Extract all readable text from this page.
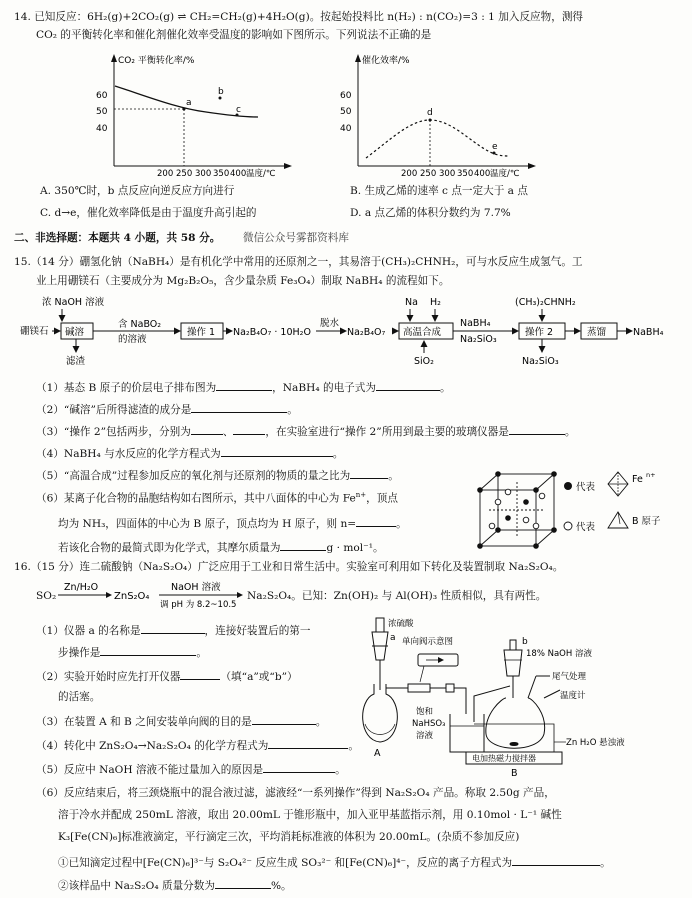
14. 已知反应：6H₂(g)+2CO₂(g) ⇌ CH₂=CH₂(g)+4H₂O(g)。按起始投料比 n(H₂) : n(CO₂)=3 : 1 加入反应物，测得
CO₂ 的平衡转化率和催化剂催化效率受温度的影响如下图所示。下列说法不正确的是
CO₂ 平衡转化率/%
温度/℃
60
50
40
200 250 300 350 400
a
b
c
催化效率/%
温度/℃
60
50
40
200 250 300 350 400
d
e
A. 350℃时，b 点反应向逆反应方向进行	B. 生成乙烯的速率 c 点一定大于 a 点
C. d→e，催化效率降低是由于温度升高引起的	D. a 点乙烯的体积分数约为 7.7%
二、非选择题：本题共 4 小题，共 58 分。 微信公众号雾都资料库
15.（14 分）硼氢化钠（NaBH₄）是有机化学中常用的还原剂之一，其易溶于(CH₃)₂CHNH₂，可与水反应生成氢气。工
业上用硼镁石（主要成分为 Mg₂B₂O₅，含少量杂质 Fe₃O₄）制取 NaBH₄ 的流程如下。
浓 NaOH 溶液
硼镁石 碱溶
滤渣
含 NaBO₂
的溶液
操作 1 Na₂B₄O₇ · 10H₂O
脱水
Na₂B₄O₇
Na H₂
高温合成
SiO₂
NaBH₄
Na₂SiO₃
(CH₃)₂CHNH₂
操作 2
Na₂SiO₃
蒸馏	NaBH₄
（1）基态 B 原子的价层电子排布图为	，NaBH₄ 的电子式为	。
（2）“碱溶”后所得滤渣的成分是	。
（3）“操作 2”包括两步，分别为	、	，在实验室进行“操作 2”所用到最主要的玻璃仪器是	。
（4）NaBH₄ 与水反应的化学方程式为	。
（5）“高温合成”过程参加反应的氧化剂与还原剂的物质的量之比为	。
（6）某离子化合物的晶胞结构如右图所示，其中八面体的中心为 $Fe^{n+}$，顶点
均为 NH₃，四面体的中心为 B 原子，顶点均为 H 原子，则 n=	。
若该化合物的最简式即为化学式，其摩尔质量为	g · mol⁻¹。
代表
Fe n+
代表
B 原子
16.（15 分）连二硫酸钠（Na₂S₂O₄）广泛应用于工业和日常生活中。实验室可利用如下转化及装置制取 Na₂S₂O₄。
SO₂
Zn/H₂O
ZnS₂O₄
NaOH 溶液
调 pH 为 8.2~10.5
Na₂S₂O₄。已知：Zn(OH)₂ 与 Al(OH)₃ 性质相似，具有两性。
（1）仪器 a 的名称是	，连接好装置后的第一
步操作是	。
（2）实验开始时应先打开仪器	（填“a”或“b”）
的活塞。
（3）在装置 A 和 B 之间安装单向阀的目的是	。
（4）转化中 ZnS₂O₄→Na₂S₂O₄ 的化学方程式为	。
（5）反应中 NaOH 溶液不能过量加入的原因是	。
浓硫酸
单向阀示意图
a	b
18% NaOH 溶液
尾气处理
温度计
饱和
NaHSO₃
溶液
Zn H₂O 悬浊液
电加热磁力搅拌器
A
B
（6）反应结束后，将三颈烧瓶中的混合液过滤，滤液经“一系列操作”得到 Na₂S₂O₄ 产品。称取 2.50g 产品，
溶于冷水并配成 250mL 溶液，取出 20.00mL 于锥形瓶中，加入亚甲基蓝指示剂，用 0.10mol · L⁻¹ 碱性
K₃[Fe(CN)₆]标准液滴定，平行滴定三次，平均消耗标准液的体积为 20.00mL。(杂质不参加反应)
①已知滴定过程中[Fe(CN)₆]³⁻与 S₂O₄²⁻ 反应生成 SO₃²⁻ 和[Fe(CN)₆]⁴⁻，反应的离子方程式为	。
②该样品中 Na₂S₂O₄ 质量分数为	%。
